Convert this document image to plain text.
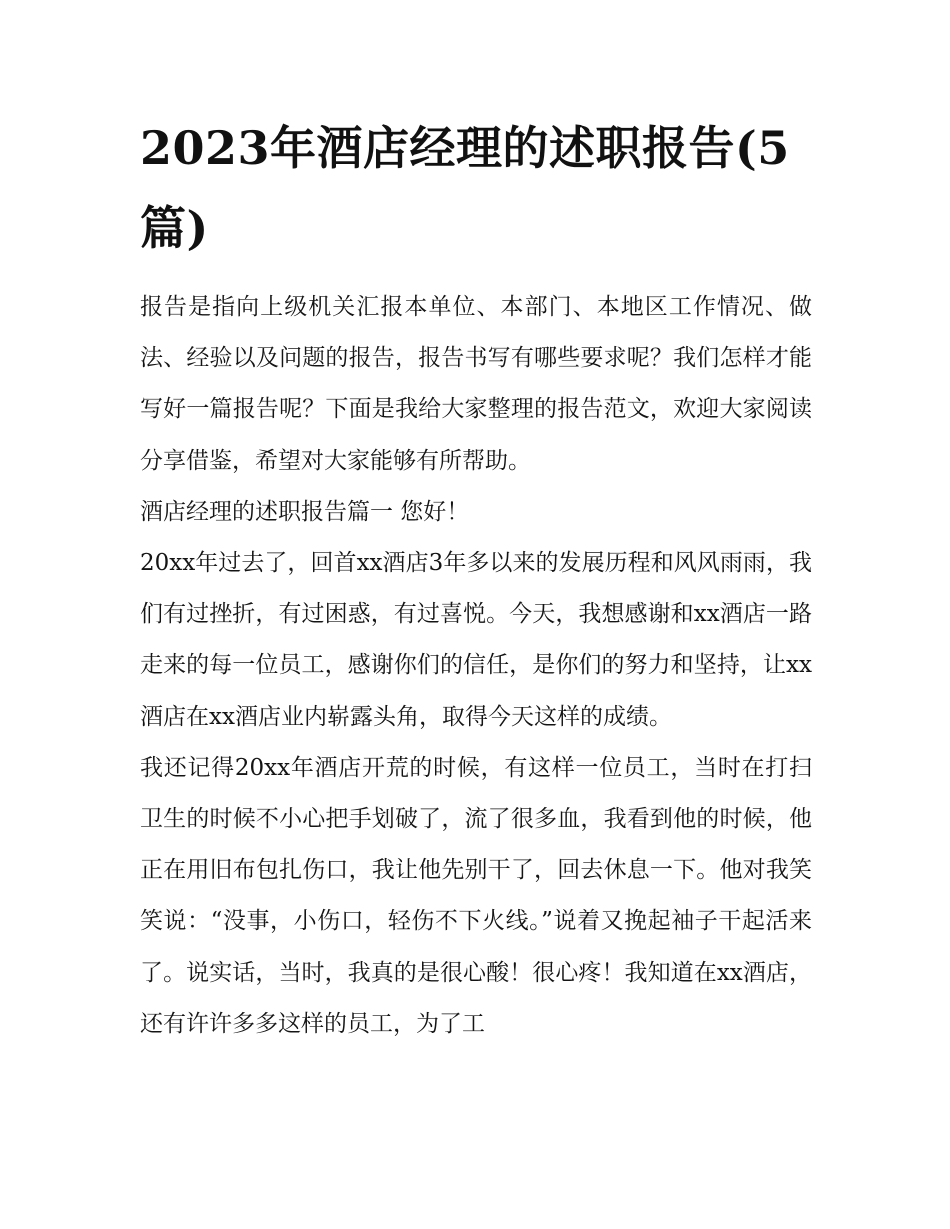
2023年酒店经理的述职报告(5篇)

报告是指向上级机关汇报本单位、本部门、本地区工作情况、做法、经验以及问题的报告，报告书写有哪些要求呢？我们怎样才能写好一篇报告呢？下面是我给大家整理的报告范文，欢迎大家阅读分享借鉴，希望对大家能够有所帮助。

酒店经理的述职报告篇一 您好！

20xx年过去了，回首xx酒店3年多以来的发展历程和风风雨雨，我们有过挫折，有过困惑，有过喜悦。今天，我想感谢和xx酒店一路走来的每一位员工，感谢你们的信任，是你们的努力和坚持，让xx酒店在xx酒店业内崭露头角，取得今天这样的成绩。

我还记得20xx年酒店开荒的时候，有这样一位员工，当时在打扫卫生的时候不小心把手划破了，流了很多血，我看到他的时候，他正在用旧布包扎伤口，我让他先别干了，回去休息一下。他对我笑笑说：“没事，小伤口，轻伤不下火线。”说着又挽起袖子干起活来了。说实话，当时，我真的是很心酸！很心疼！我知道在xx酒店，还有许许多多这样的员工，为了工
